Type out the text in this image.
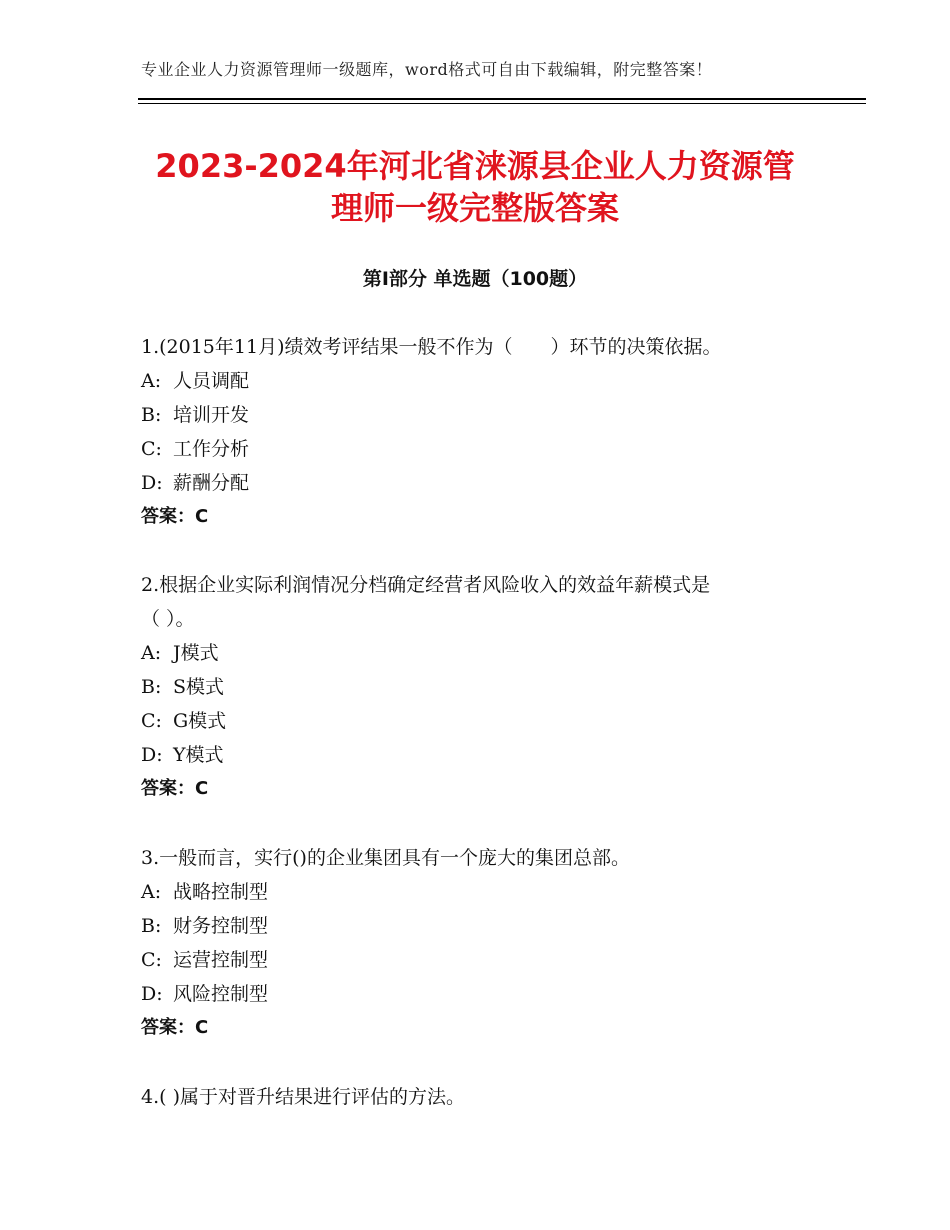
专业企业人力资源管理师一级题库，word格式可自由下载编辑，附完整答案！
2023-2024年河北省涞源县企业人力资源管
理师一级完整版答案
第Ⅰ部分 单选题（100题）

1.(2015年11月)绩效考评结果一般不作为（　　）环节的决策依据。

A: 人员调配

B: 培训开发

C: 工作分析

D: 薪酬分配

答案：C

2.根据企业实际利润情况分档确定经营者风险收入的效益年薪模式是

（ ）。

A: J模式

B: S模式

C: G模式

D: Y模式

答案：C

3.一般而言，实行()的企业集团具有一个庞大的集团总部。

A: 战略控制型

B: 财务控制型

C: 运营控制型

D: 风险控制型

答案：C

4.( )属于对晋升结果进行评估的方法。
